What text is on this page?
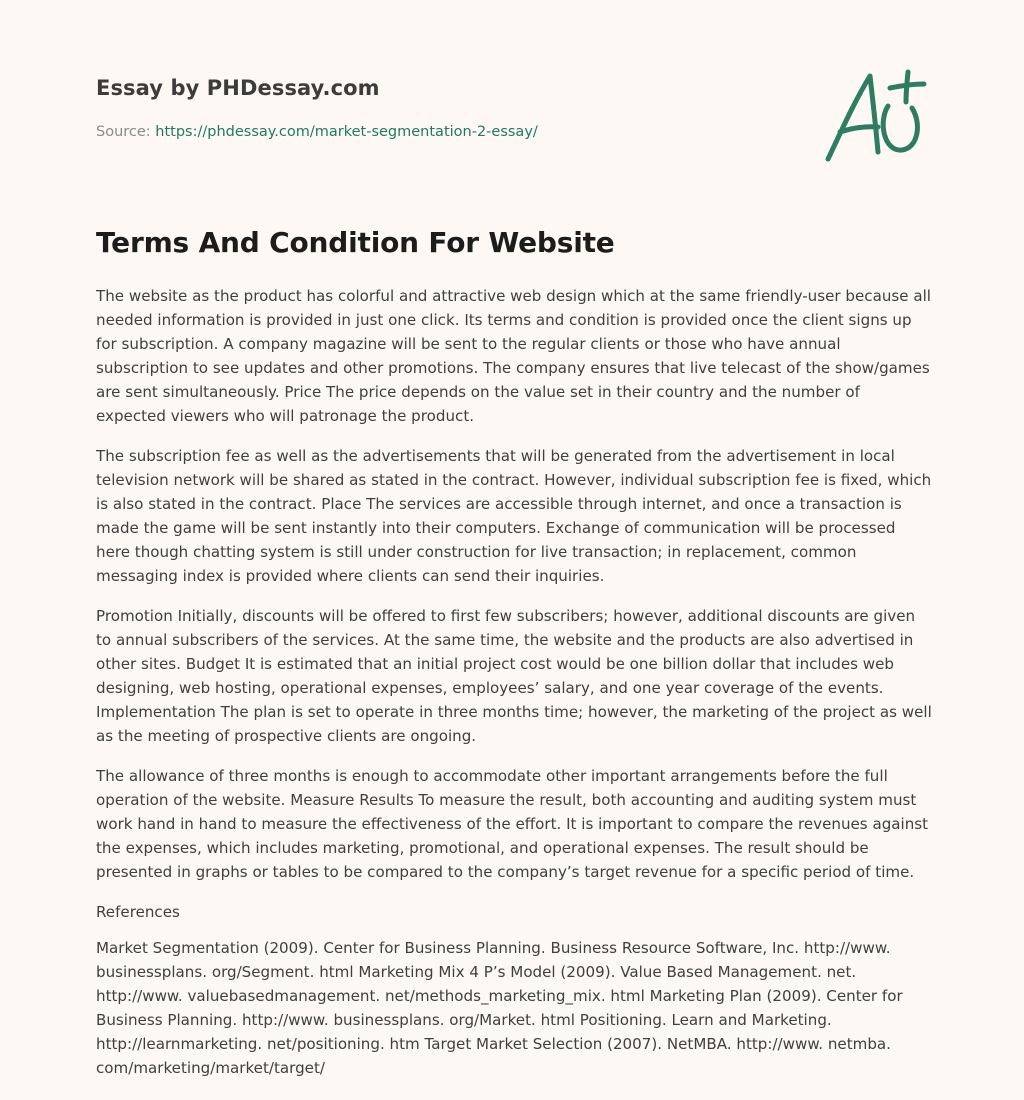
Essay by PHDessay.com
Source: https://phdessay.com/market-segmentation-2-essay/
Terms And Condition For Website

The website as the product has colorful and attractive web design which at the same friendly-user because all needed information is provided in just one click. Its terms and condition is provided once the client signs up for subscription. A company magazine will be sent to the regular clients or those who have annual subscription to see updates and other promotions. The company ensures that live telecast of the show/games are sent simultaneously. Price The price depends on the value set in their country and the number of expected viewers who will patronage the product.

The subscription fee as well as the advertisements that will be generated from the advertisement in local television network will be shared as stated in the contract. However, individual subscription fee is fixed, which is also stated in the contract. Place The services are accessible through internet, and once a transaction is made the game will be sent instantly into their computers. Exchange of communication will be processed here though chatting system is still under construction for live transaction; in replacement, common messaging index is provided where clients can send their inquiries.

Promotion Initially, discounts will be offered to first few subscribers; however, additional discounts are given to annual subscribers of the services. At the same time, the website and the products are also advertised in other sites. Budget It is estimated that an initial project cost would be one billion dollar that includes web designing, web hosting, operational expenses, employees’ salary, and one year coverage of the events. Implementation The plan is set to operate in three months time; however, the marketing of the project as well as the meeting of prospective clients are ongoing.

The allowance of three months is enough to accommodate other important arrangements before the full operation of the website. Measure Results To measure the result, both accounting and auditing system must work hand in hand to measure the effectiveness of the effort. It is important to compare the revenues against the expenses, which includes marketing, promotional, and operational expenses. The result should be presented in graphs or tables to be compared to the company’s target revenue for a specific period of time.

References

Market Segmentation (2009). Center for Business Planning. Business Resource Software, Inc. http://www. businessplans. org/Segment. html Marketing Mix 4 P’s Model (2009). Value Based Management. net. http://www. valuebasedmanagement. net/methods_marketing_mix. html Marketing Plan (2009). Center for Business Planning. http://www. businessplans. org/Market. html Positioning. Learn and Marketing. http://learnmarketing. net/positioning. htm Target Market Selection (2007). NetMBA. http://www. netmba. com/marketing/market/target/
